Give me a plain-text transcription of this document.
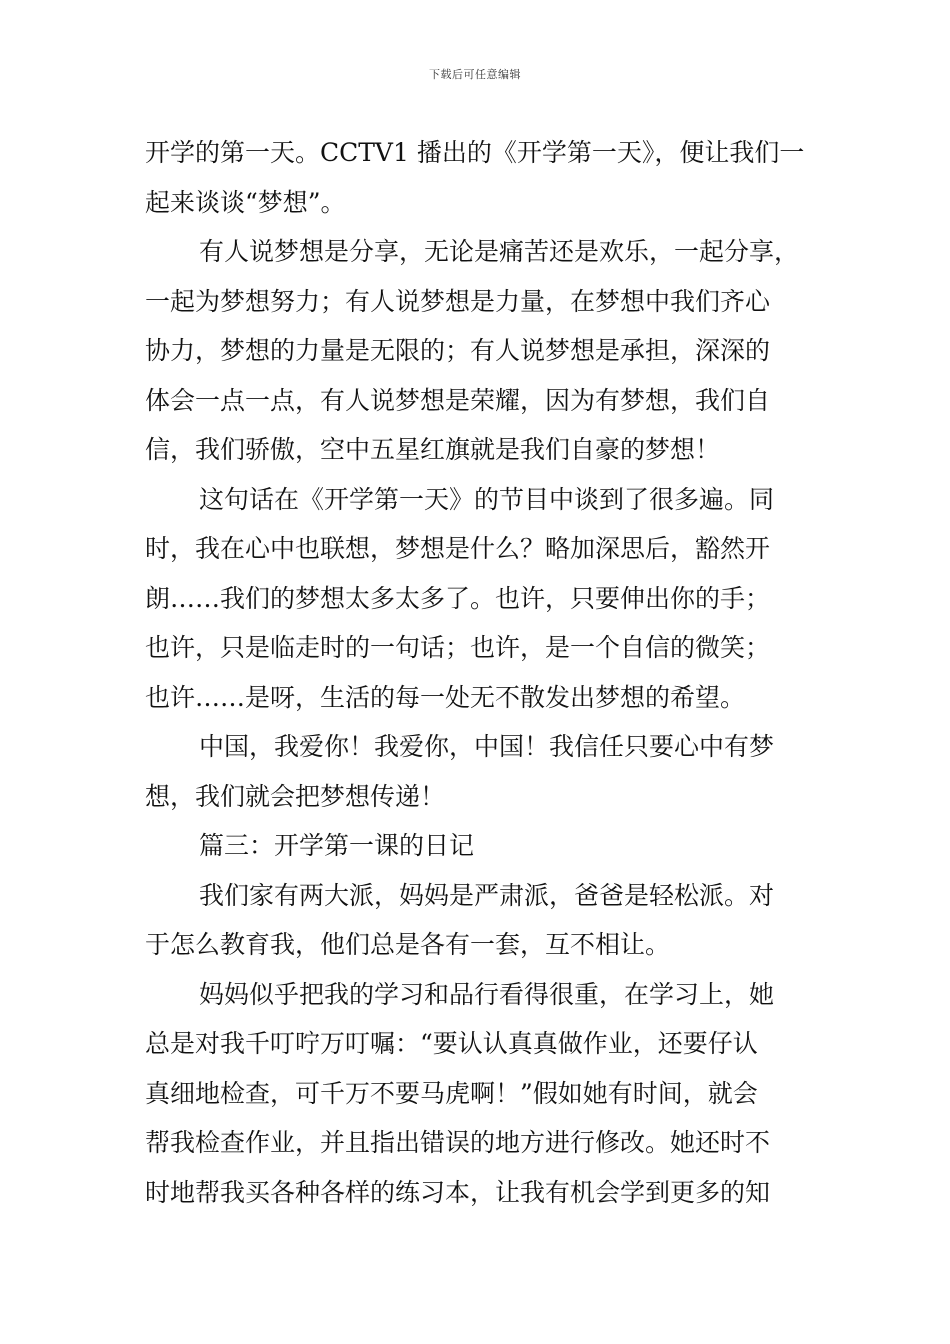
下载后可任意编辑
开学的第一天。CCTV1 播出的《开学第一天》，便让我们一
起来谈谈“梦想”。
有人说梦想是分享，无论是痛苦还是欢乐，一起分享，
一起为梦想努力；有人说梦想是力量，在梦想中我们齐心
协力，梦想的力量是无限的；有人说梦想是承担，深深的
体会一点一点，有人说梦想是荣耀，因为有梦想，我们自
信，我们骄傲，空中五星红旗就是我们自豪的梦想！
这句话在《开学第一天》的节目中谈到了很多遍。同
时，我在心中也联想，梦想是什么？略加深思后，豁然开
朗……我们的梦想太多太多了。也许，只要伸出你的手；
也许，只是临走时的一句话；也许，是一个自信的微笑；
也许……是呀，生活的每一处无不散发出梦想的希望。
中国，我爱你！我爱你，中国！我信任只要心中有梦
想，我们就会把梦想传递！
篇三：开学第一课的日记
我们家有两大派，妈妈是严肃派，爸爸是轻松派。对
于怎么教育我，他们总是各有一套，互不相让。
妈妈似乎把我的学习和品行看得很重，在学习上，她
总是对我千叮咛万叮嘱：“要认认真真做作业，还要仔认
真细地检查，可千万不要马虎啊！”假如她有时间，就会
帮我检查作业，并且指出错误的地方进行修改。她还时不
时地帮我买各种各样的练习本，让我有机会学到更多的知
